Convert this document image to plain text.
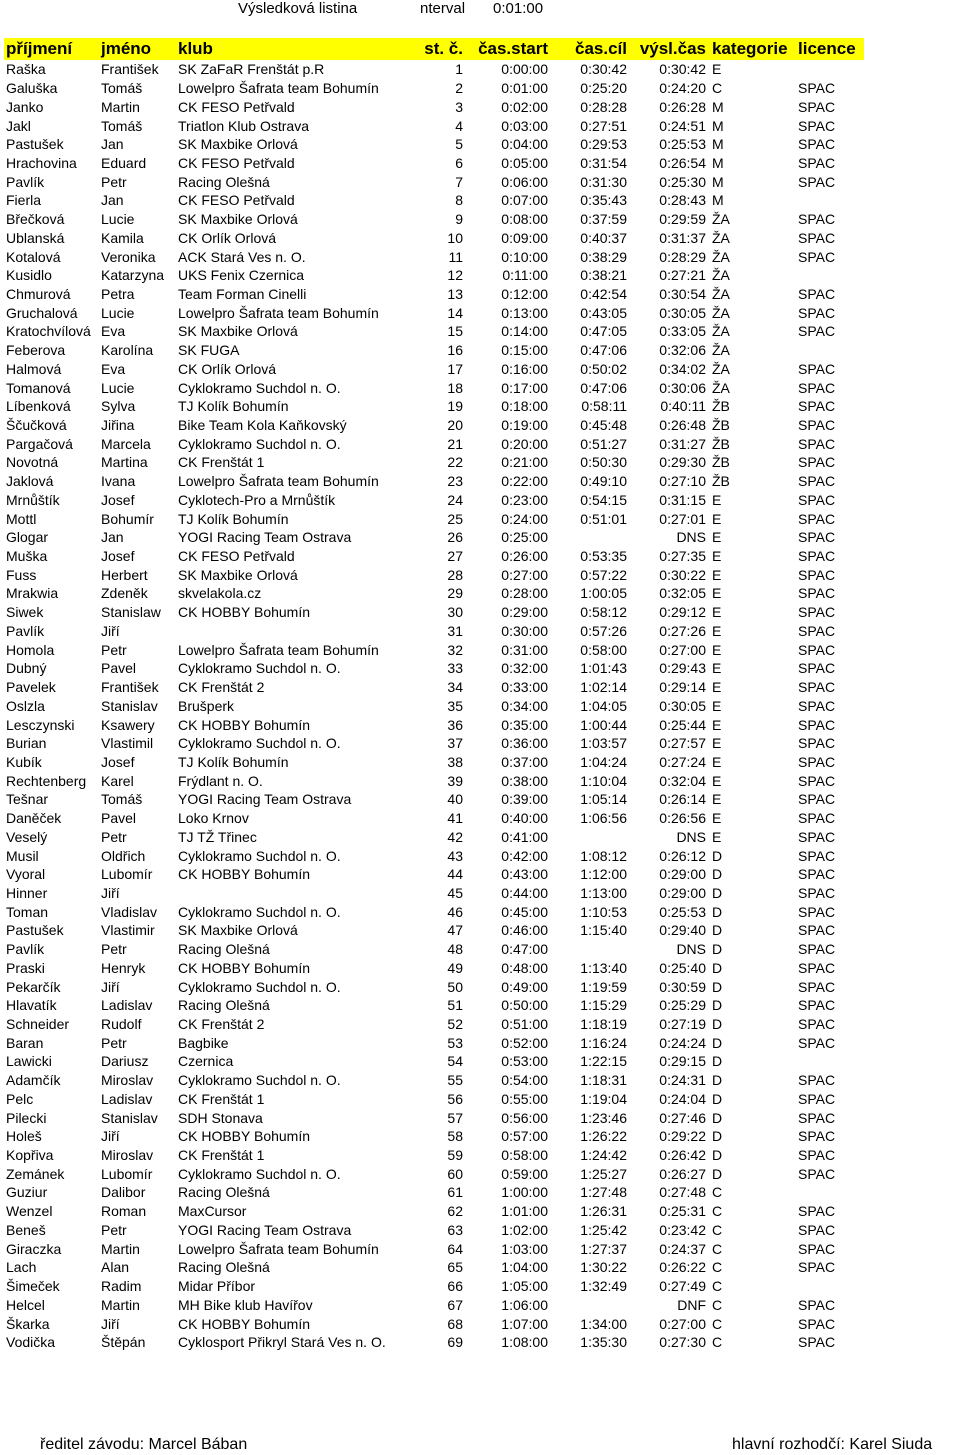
Výsledková listina	nterval 0:01:00
příjmení	jméno	klub	st. č.	čas.start	čas.cíl	výsl.čas	kategorie	licence
Raška	František	SK ZaFaR Frenštát p.R	1	0:00:00	0:30:42	0:30:42	E	
Galuška	Tomáš	Lowelpro Šafrata team Bohumín	2	0:01:00	0:25:20	0:24:20	C	SPAC
Janko	Martin	CK FESO Petřvald	3	0:02:00	0:28:28	0:26:28	M	SPAC
Jakl	Tomáš	Triatlon Klub Ostrava	4	0:03:00	0:27:51	0:24:51	M	SPAC
Pastušek	Jan	SK Maxbike Orlová	5	0:04:00	0:29:53	0:25:53	M	SPAC
Hrachovina	Eduard	CK FESO Petřvald	6	0:05:00	0:31:54	0:26:54	M	SPAC
Pavlík	Petr	Racing Olešná	7	0:06:00	0:31:30	0:25:30	M	SPAC
Fierla	Jan	CK FESO Petřvald	8	0:07:00	0:35:43	0:28:43	M	
Břečková	Lucie	SK Maxbike Orlová	9	0:08:00	0:37:59	0:29:59	ŽA	SPAC
Ublanská	Kamila	CK Orlík Orlová	10	0:09:00	0:40:37	0:31:37	ŽA	SPAC
Kotalová	Veronika	ACK Stará Ves n. O.	11	0:10:00	0:38:29	0:28:29	ŽA	SPAC
Kusidlo	Katarzyna	UKS Fenix Czernica	12	0:11:00	0:38:21	0:27:21	ŽA	
Chmurová	Petra	Team Forman Cinelli	13	0:12:00	0:42:54	0:30:54	ŽA	SPAC
Gruchalová	Lucie	Lowelpro Šafrata team Bohumín	14	0:13:00	0:43:05	0:30:05	ŽA	SPAC
Kratochvílová	Eva	SK Maxbike Orlová	15	0:14:00	0:47:05	0:33:05	ŽA	SPAC
Feberova	Karolína	SK FUGA	16	0:15:00	0:47:06	0:32:06	ŽA	
Halmová	Eva	CK Orlík Orlová	17	0:16:00	0:50:02	0:34:02	ŽA	SPAC
Tomanová	Lucie	Cyklokramo Suchdol n. O.	18	0:17:00	0:47:06	0:30:06	ŽA	SPAC
Líbenková	Sylva	TJ Kolík Bohumín	19	0:18:00	0:58:11	0:40:11	ŽB	SPAC
Ščučková	Jiřina	Bike Team Kola Kaňkovský	20	0:19:00	0:45:48	0:26:48	ŽB	SPAC
Pargačová	Marcela	Cyklokramo Suchdol n. O.	21	0:20:00	0:51:27	0:31:27	ŽB	SPAC
Novotná	Martina	CK Frenštát 1	22	0:21:00	0:50:30	0:29:30	ŽB	SPAC
Jaklová	Ivana	Lowelpro Šafrata team Bohumín	23	0:22:00	0:49:10	0:27:10	ŽB	SPAC
Mrnůštík	Josef	Cyklotech-Pro a Mrnůštík	24	0:23:00	0:54:15	0:31:15	E	SPAC
Mottl	Bohumír	TJ Kolík Bohumín	25	0:24:00	0:51:01	0:27:01	E	SPAC
Glogar	Jan	YOGI Racing Team Ostrava	26	0:25:00		DNS	E	SPAC
Muška	Josef	CK FESO Petřvald	27	0:26:00	0:53:35	0:27:35	E	SPAC
Fuss	Herbert	SK Maxbike Orlová	28	0:27:00	0:57:22	0:30:22	E	SPAC
Mrakwia	Zdeněk	skvelakola.cz	29	0:28:00	1:00:05	0:32:05	E	SPAC
Siwek	Stanislaw	CK HOBBY Bohumín	30	0:29:00	0:58:12	0:29:12	E	SPAC
Pavlík	Jiří		31	0:30:00	0:57:26	0:27:26	E	SPAC
Homola	Petr	Lowelpro Šafrata team Bohumín	32	0:31:00	0:58:00	0:27:00	E	SPAC
Dubný	Pavel	Cyklokramo Suchdol n. O.	33	0:32:00	1:01:43	0:29:43	E	SPAC
Pavelek	František	CK Frenštát 2	34	0:33:00	1:02:14	0:29:14	E	SPAC
Oslzla	Stanislav	Brušperk	35	0:34:00	1:04:05	0:30:05	E	SPAC
Lesczynski	Ksawery	CK HOBBY Bohumín	36	0:35:00	1:00:44	0:25:44	E	SPAC
Burian	Vlastimil	Cyklokramo Suchdol n. O.	37	0:36:00	1:03:57	0:27:57	E	SPAC
Kubík	Josef	TJ Kolík Bohumín	38	0:37:00	1:04:24	0:27:24	E	SPAC
Rechtenberg	Karel	Frýdlant n. O.	39	0:38:00	1:10:04	0:32:04	E	SPAC
Tešnar	Tomáš	YOGI Racing Team Ostrava	40	0:39:00	1:05:14	0:26:14	E	SPAC
Daněček	Pavel	Loko Krnov	41	0:40:00	1:06:56	0:26:56	E	SPAC
Veselý	Petr	TJ TŽ Třinec	42	0:41:00		DNS	E	SPAC
Musil	Oldřich	Cyklokramo Suchdol n. O.	43	0:42:00	1:08:12	0:26:12	D	SPAC
Vyoral	Lubomír	CK HOBBY Bohumín	44	0:43:00	1:12:00	0:29:00	D	SPAC
Hinner	Jiří		45	0:44:00	1:13:00	0:29:00	D	SPAC
Toman	Vladislav	Cyklokramo Suchdol n. O.	46	0:45:00	1:10:53	0:25:53	D	SPAC
Pastušek	Vlastimir	SK Maxbike Orlová	47	0:46:00	1:15:40	0:29:40	D	SPAC
Pavlík	Petr	Racing Olešná	48	0:47:00		DNS	D	SPAC
Praski	Henryk	CK HOBBY Bohumín	49	0:48:00	1:13:40	0:25:40	D	SPAC
Pekarčík	Jiří	Cyklokramo Suchdol n. O.	50	0:49:00	1:19:59	0:30:59	D	SPAC
Hlavatík	Ladislav	Racing Olešná	51	0:50:00	1:15:29	0:25:29	D	SPAC
Schneider	Rudolf	CK Frenštát 2	52	0:51:00	1:18:19	0:27:19	D	SPAC
Baran	Petr	Bagbike	53	0:52:00	1:16:24	0:24:24	D	SPAC
Lawicki	Dariusz	Czernica	54	0:53:00	1:22:15	0:29:15	D	
Adamčík	Miroslav	Cyklokramo Suchdol n. O.	55	0:54:00	1:18:31	0:24:31	D	SPAC
Pelc	Ladislav	CK Frenštát 1	56	0:55:00	1:19:04	0:24:04	D	SPAC
Pilecki	Stanislav	SDH Stonava	57	0:56:00	1:23:46	0:27:46	D	SPAC
Holeš	Jiří	CK HOBBY Bohumín	58	0:57:00	1:26:22	0:29:22	D	SPAC
Kopřiva	Miroslav	CK Frenštát 1	59	0:58:00	1:24:42	0:26:42	D	SPAC
Zemánek	Lubomír	Cyklokramo Suchdol n. O.	60	0:59:00	1:25:27	0:26:27	D	SPAC
Guziur	Dalibor	Racing Olešná	61	1:00:00	1:27:48	0:27:48	C	
Wenzel	Roman	MaxCursor	62	1:01:00	1:26:31	0:25:31	C	SPAC
Beneš	Petr	YOGI Racing Team Ostrava	63	1:02:00	1:25:42	0:23:42	C	SPAC
Giraczka	Martin	Lowelpro Šafrata team Bohumín	64	1:03:00	1:27:37	0:24:37	C	SPAC
Lach	Alan	Racing Olešná	65	1:04:00	1:30:22	0:26:22	C	SPAC
Šimeček	Radim	Midar Příbor	66	1:05:00	1:32:49	0:27:49	C	
Helcel	Martin	MH Bike klub Havířov	67	1:06:00		DNF	C	SPAC
Škarka	Jiří	CK HOBBY Bohumín	68	1:07:00	1:34:00	0:27:00	C	SPAC
Vodička	Štěpán	Cyklosport Přikryl Stará Ves n. O.	69	1:08:00	1:35:30	0:27:30	C	SPAC
ředitel závodu: Marcel Bában	hlavní rozhodčí: Karel Siuda
